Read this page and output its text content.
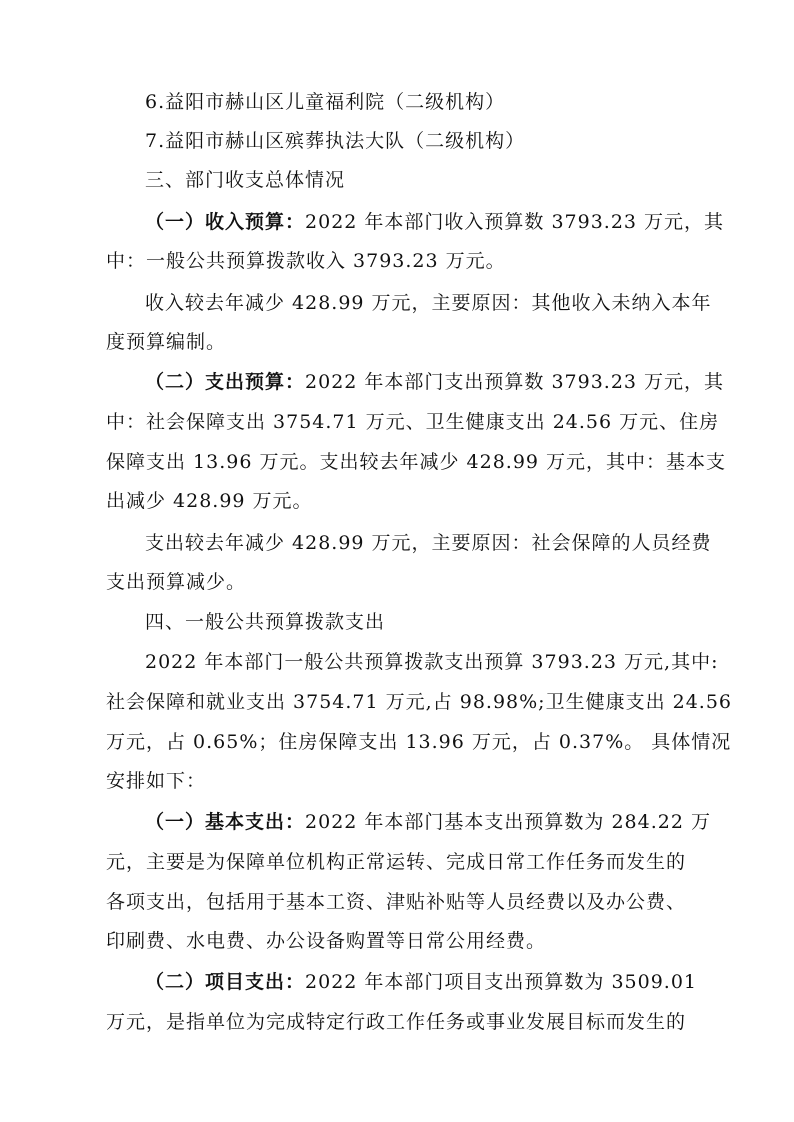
6.益阳市赫山区儿童福利院（二级机构）
7.益阳市赫山区殡葬执法大队（二级机构）
三、部门收支总体情况
（一）收入预算：2022 年本部门收入预算数 3793.23 万元，其
中：一般公共预算拨款收入 3793.23 万元。
收入较去年减少 428.99 万元，主要原因：其他收入未纳入本年
度预算编制。
（二）支出预算：2022 年本部门支出预算数 3793.23 万元，其
中：社会保障支出 3754.71 万元、卫生健康支出 24.56 万元、住房
保障支出 13.96 万元。支出较去年减少 428.99 万元，其中：基本支
出减少 428.99 万元。
支出较去年减少 428.99 万元，主要原因：社会保障的人员经费
支出预算减少。
四、一般公共预算拨款支出
2022 年本部门一般公共预算拨款支出预算 3793.23 万元,其中:
社会保障和就业支出 3754.71 万元,占 98.98%;卫生健康支出 24.56
万元，占 0.65%；住房保障支出 13.96 万元，占 0.37%。 具体情况
安排如下：
（一）基本支出：2022 年本部门基本支出预算数为 284.22 万
元，主要是为保障单位机构正常运转、完成日常工作任务而发生的
各项支出，包括用于基本工资、津贴补贴等人员经费以及办公费、
印刷费、水电费、办公设备购置等日常公用经费。
（二）项目支出：2022 年本部门项目支出预算数为 3509.01
万元，是指单位为完成特定行政工作任务或事业发展目标而发生的
